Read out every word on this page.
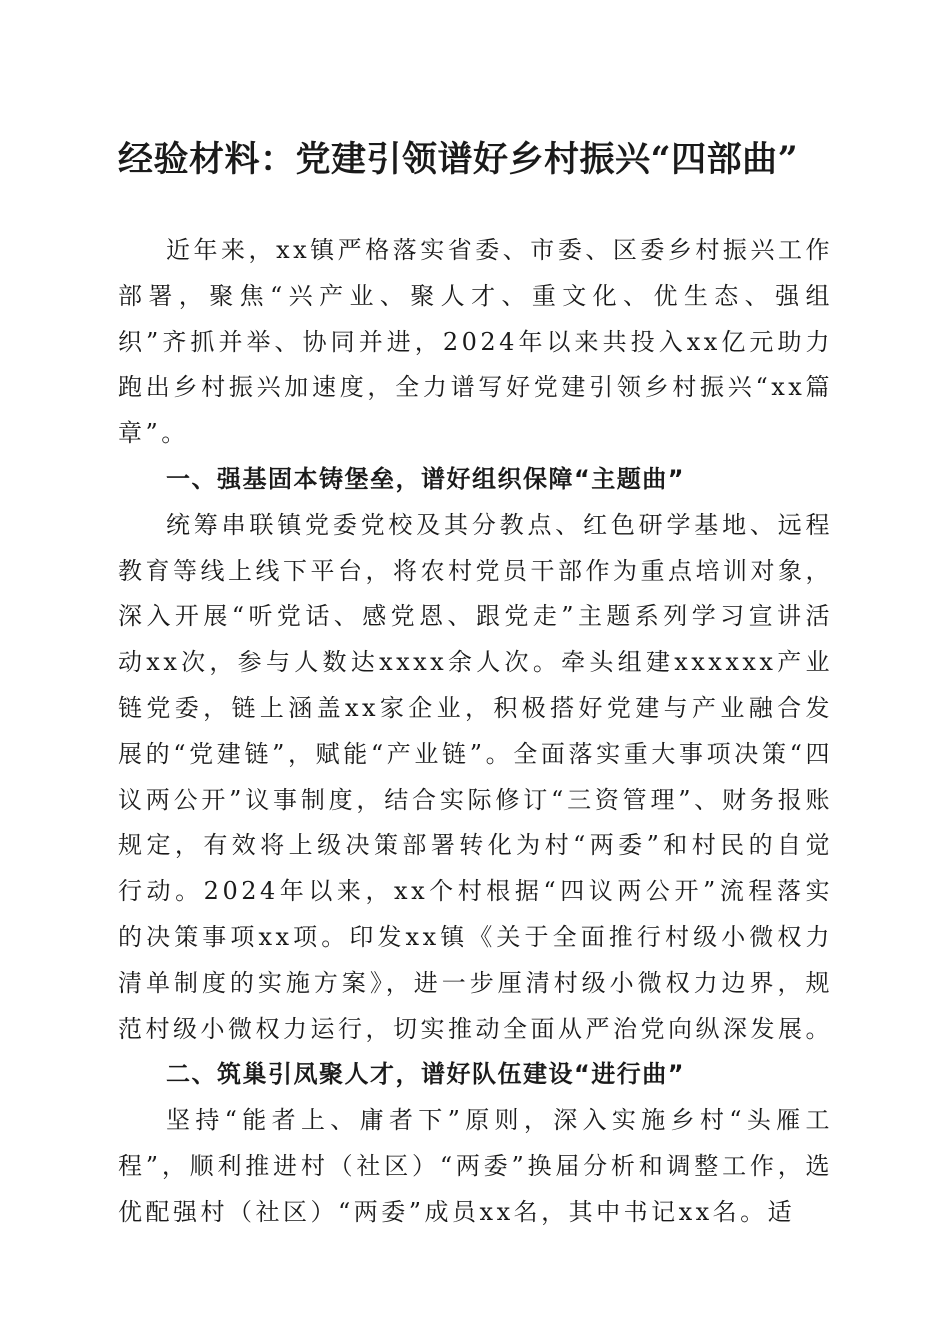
经验材料：党建引领谱好乡村振兴“四部曲”

近年来，xx镇严格落实省委、市委、区委乡村振兴工作部署，聚焦“兴产业、聚人才、重文化、优生态、强组织”齐抓并举、协同并进，2024年以来共投入xx亿元助力跑出乡村振兴加速度，全力谱写好党建引领乡村振兴“xx篇章”。

一、强基固本铸堡垒，谱好组织保障“主题曲”

统筹串联镇党委党校及其分教点、红色研学基地、远程教育等线上线下平台，将农村党员干部作为重点培训对象，深入开展“听党话、感党恩、跟党走”主题系列学习宣讲活动xx次，参与人数达xxxx余人次。牵头组建xxxxxx产业链党委，链上涵盖xx家企业，积极搭好党建与产业融合发展的“党建链”，赋能“产业链”。全面落实重大事项决策“四议两公开”议事制度，结合实际修订“三资管理”、财务报账规定，有效将上级决策部署转化为村“两委”和村民的自觉行动。2024年以来，xx个村根据“四议两公开”流程落实的决策事项xx项。印发xx镇《关于全面推行村级小微权力清单制度的实施方案》，进一步厘清村级小微权力边界，规范村级小微权力运行，切实推动全面从严治党向纵深发展。

二、筑巢引凤聚人才，谱好队伍建设“进行曲”

坚持“能者上、庸者下”原则，深入实施乡村“头雁工程”，顺利推进村（社区）“两委”换届分析和调整工作，选优配强村（社区）“两委”成员xx名，其中书记xx名。适
